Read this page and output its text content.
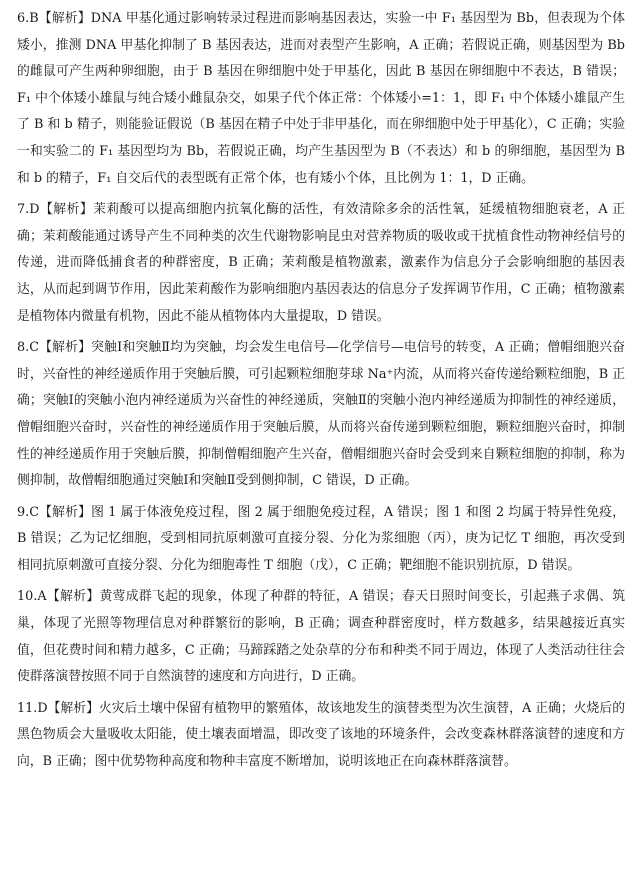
6.B【解析】DNA 甲基化通过影响转录过程进而影响基因表达，实验一中 F₁ 基因型为 Bb，但表现为个体矮小，推测 DNA 甲基化抑制了 B 基因表达，进而对表型产生影响，A 正确；若假说正确，则基因型为 Bb 的雌鼠可产生两种卵细胞，由于 B 基因在卵细胞中处于甲基化，因此 B 基因在卵细胞中不表达，B 错误；F₁ 中个体矮小雄鼠与纯合矮小雌鼠杂交，如果子代个体正常：个体矮小=1：1，即 F₁ 中个体矮小雄鼠产生了 B 和 b 精子，则能验证假说（B 基因在精子中处于非甲基化，而在卵细胞中处于甲基化），C 正确；实验一和实验二的 F₁ 基因型均为 Bb，若假说正确，均产生基因型为 B（不表达）和 b 的卵细胞，基因型为 B 和 b 的精子，F₁ 自交后代的表型既有正常个体，也有矮小个体，且比例为 1：1，D 正确。

7.D【解析】茉莉酸可以提高细胞内抗氧化酶的活性，有效清除多余的活性氧，延缓植物细胞衰老，A 正确；茉莉酸能通过诱导产生不同种类的次生代谢物影响昆虫对营养物质的吸收或干扰植食性动物神经信号的传递，进而降低捕食者的种群密度，B 正确；茉莉酸是植物激素，激素作为信息分子会影响细胞的基因表达，从而起到调节作用，因此茉莉酸作为影响细胞内基因表达的信息分子发挥调节作用，C 正确；植物激素是植物体内微量有机物，因此不能从植物体内大量提取，D 错误。

8.C【解析】突触Ⅰ和突触Ⅱ均为突触，均会发生电信号—化学信号—电信号的转变，A 正确；僧帽细胞兴奋时，兴奋性的神经递质作用于突触后膜，可引起颗粒细胞芽球 Na⁺内流，从而将兴奋传递给颗粒细胞，B 正确；突触Ⅰ的突触小泡内神经递质为兴奋性的神经递质，突触Ⅱ的突触小泡内神经递质为抑制性的神经递质，僧帽细胞兴奋时，兴奋性的神经递质作用于突触后膜，从而将兴奋传递到颗粒细胞，颗粒细胞兴奋时，抑制性的神经递质作用于突触后膜，抑制僧帽细胞产生兴奋，僧帽细胞兴奋时会受到来自颗粒细胞的抑制，称为侧抑制，故僧帽细胞通过突触Ⅰ和突触Ⅱ受到侧抑制，C 错误，D 正确。

9.C【解析】图 1 属于体液免疫过程，图 2 属于细胞免疫过程，A 错误；图 1 和图 2 均属于特异性免疫，B 错误；乙为记忆细胞，受到相同抗原刺激可直接分裂、分化为浆细胞（丙），庚为记忆 T 细胞，再次受到相同抗原刺激可直接分裂、分化为细胞毒性 T 细胞（戊），C 正确；靶细胞不能识别抗原，D 错误。

10.A【解析】黄莺成群飞起的现象，体现了种群的特征，A 错误；春天日照时间变长，引起燕子求偶、筑巢，体现了光照等物理信息对种群繁衍的影响，B 正确；调查种群密度时，样方数越多，结果越接近真实值，但花费时间和精力越多，C 正确；马蹄踩踏之处杂草的分布和种类不同于周边，体现了人类活动往往会使群落演替按照不同于自然演替的速度和方向进行，D 正确。

11.D【解析】火灾后土壤中保留有植物甲的繁殖体，故该地发生的演替类型为次生演替，A 正确；火烧后的黑色物质会大量吸收太阳能，使土壤表面增温，即改变了该地的环境条件，会改变森林群落演替的速度和方向，B 正确；图中优势物种高度和物种丰富度不断增加，说明该地正在向森林群落演替。
